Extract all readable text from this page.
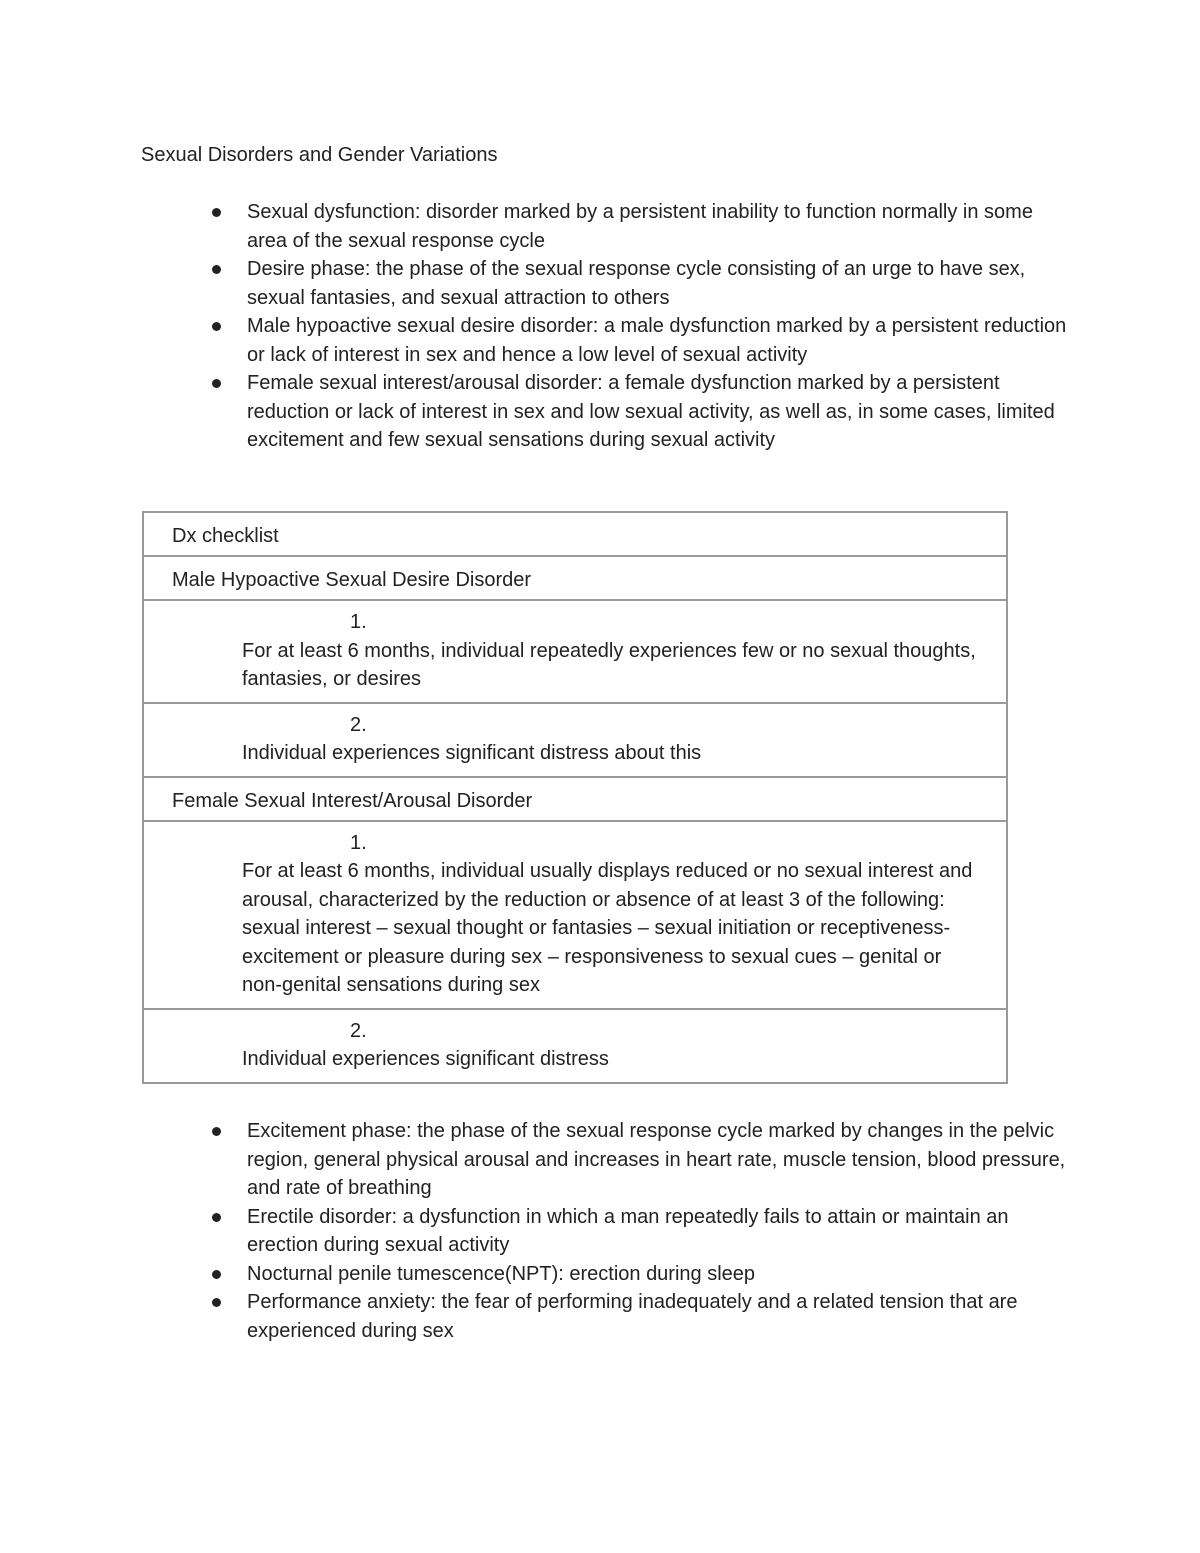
Sexual Disorders and Gender Variations
Sexual dysfunction: disorder marked by a persistent inability to function normally in some area of the sexual response cycle
Desire phase: the phase of the sexual response cycle consisting of an urge to have sex, sexual fantasies, and sexual attraction to others
Male hypoactive sexual desire disorder: a male dysfunction marked by a persistent reduction or lack of interest in sex and hence a low level of sexual activity
Female sexual interest/arousal disorder: a female dysfunction marked by a persistent reduction or lack of interest in sex and low sexual activity, as well as, in some cases, limited excitement and few sexual sensations during sexual activity
Dx checklist
Male Hypoactive Sexual Desire Disorder

1.
For at least 6 months, individual repeatedly experiences few or no sexual thoughts, fantasies, or desires

2.
Individual experiences significant distress about this

Female Sexual Interest/Arousal Disorder

1.
For at least 6 months, individual usually displays reduced or no sexual interest and arousal, characterized by the reduction or absence of at least 3 of the following: sexual interest – sexual thought or fantasies – sexual initiation or receptiveness- excitement or pleasure during sex – responsiveness to sexual cues – genital or non-genital sensations during sex

2.
Individual experiences significant distress
Excitement phase: the phase of the sexual response cycle marked by changes in the pelvic region, general physical arousal and increases in heart rate, muscle tension, blood pressure, and rate of breathing
Erectile disorder: a dysfunction in which a man repeatedly fails to attain or maintain an erection during sexual activity
Nocturnal penile tumescence(NPT): erection during sleep
Performance anxiety: the fear of performing inadequately and a related tension that are experienced during sex
